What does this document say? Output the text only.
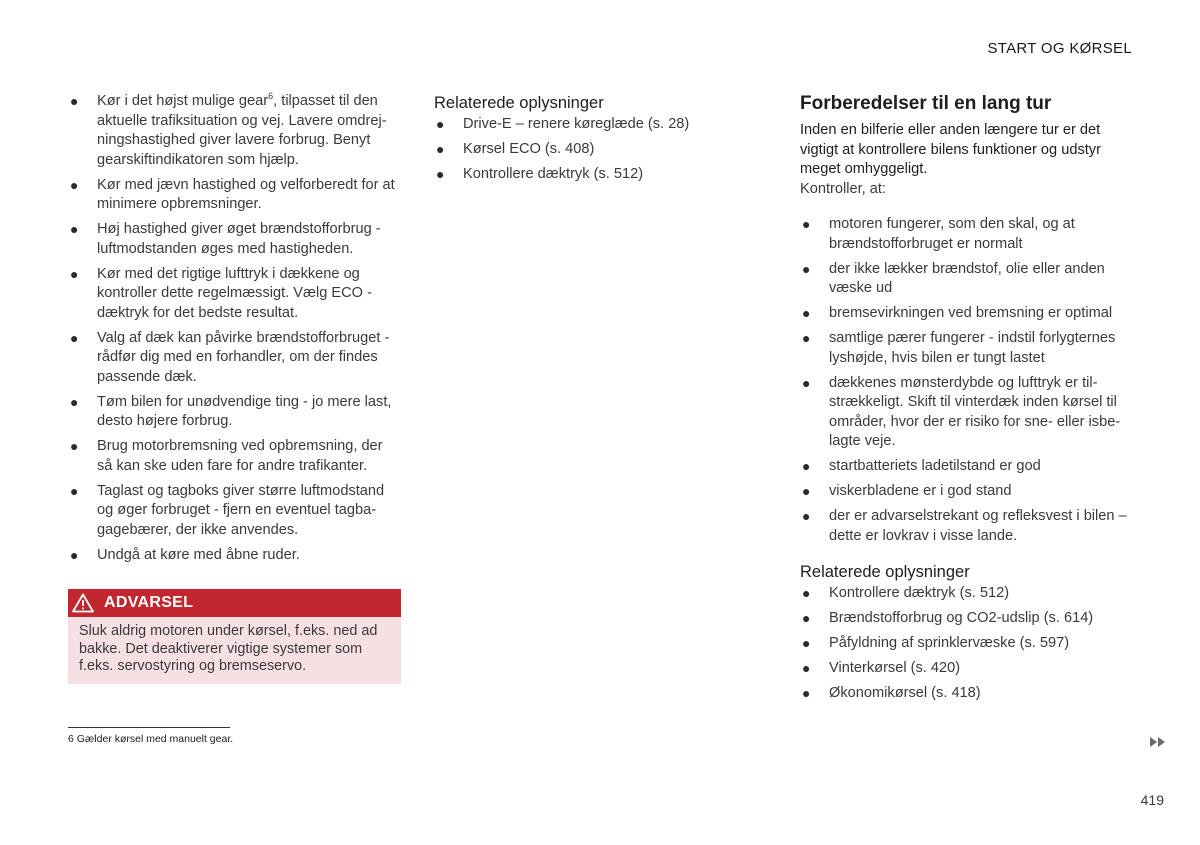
START OG KØRSEL
● Kør i det højst mulige gear$^6$, tilpasset til den aktuelle trafiksituation og vej. Lavere omdrej-ningshastighed giver lavere forbrug. Benyt gearskiftindikatoren som hjælp.
● Kør med jævn hastighed og velforberedt for at minimere opbremsninger.
● Høj hastighed giver øget brændstofforbrug - luftmodstanden øges med hastigheden.
● Kør med det rigtige lufttryk i dækkene og kontroller dette regelmæssigt. Vælg ECO -dæktryk for det bedste resultat.
● Valg af dæk kan påvirke brændstofforbruget - rådfør dig med en forhandler, om der findes passende dæk.
● Tøm bilen for unødvendige ting - jo mere last, desto højere forbrug.
● Brug motorbremsning ved opbremsning, der så kan ske uden fare for andre trafikanter.
● Taglast og tagboks giver større luftmodstand og øger forbruget - fjern en eventuel tagba-gagebærer, der ikke anvendes.
● Undgå at køre med åbne ruder.
ADVARSEL
Sluk aldrig motoren under kørsel, f.eks. ned ad bakke. Det deaktiverer vigtige systemer som f.eks. servostyring og bremseservo.
Relaterede oplysninger
● Drive-E – renere køreglæde (s. 28)
● Kørsel ECO (s. 408)
● Kontrollere dæktryk (s. 512)
Forberedelser til en lang tur

Inden en bilferie eller anden længere tur er det vigtigt at kontrollere bilens funktioner og udstyr meget omhyggeligt.

Kontroller, at:

● motoren fungerer, som den skal, og at brændstofforbruget er normalt
● der ikke lækker brændstof, olie eller anden væske ud
● bremsevirkningen ved bremsning er optimal
● samtlige pærer fungerer - indstil forlygternes lyshøjde, hvis bilen er tungt lastet
● dækkenes mønsterdybde og lufttryk er til-strækkeligt. Skift til vinterdæk inden kørsel til områder, hvor der er risiko for sne- eller isbe-lagte veje.
● startbatteriets ladetilstand er god
● viskerbladene er i god stand
● der er advarselstrekant og refleksvest i bilen – dette er lovkrav i visse lande.
Relaterede oplysninger
● Kontrollere dæktryk (s. 512)
● Brændstofforbrug og CO2-udslip (s. 614)
● Påfyldning af sprinklervæske (s. 597)
● Vinterkørsel (s. 420)
● Økonomikørsel (s. 418)
6 Gælder kørsel med manuelt gear.
419
